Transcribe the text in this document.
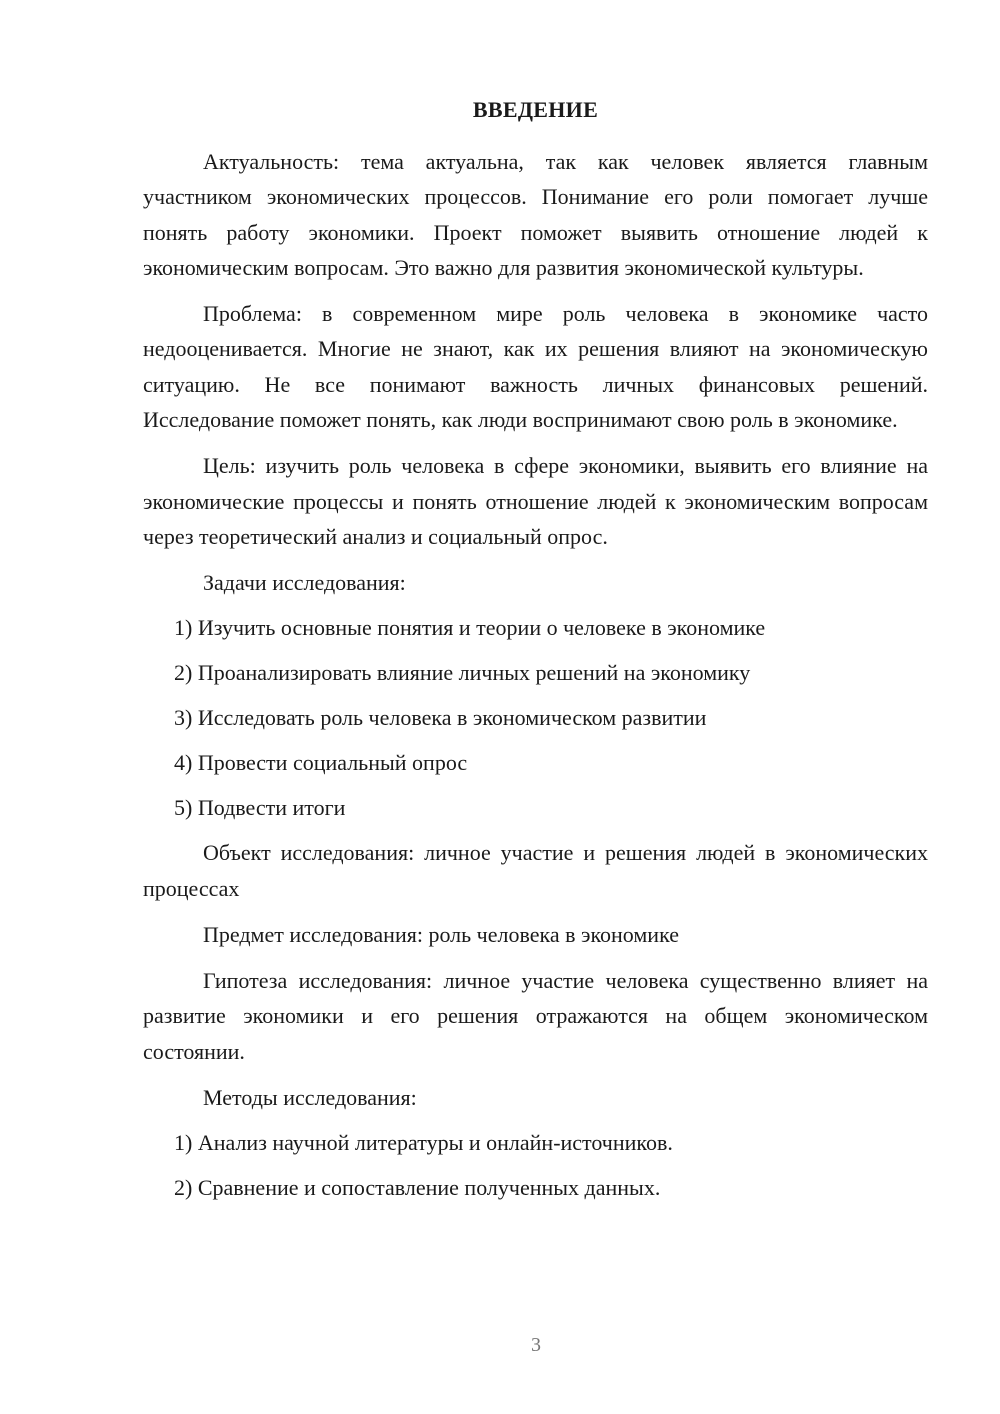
ВВЕДЕНИЕ

Актуальность: тема актуальна, так как человек является главным участником экономических процессов. Понимание его роли помогает лучше понять работу экономики. Проект поможет выявить отношение людей к экономическим вопросам. Это важно для развития экономической культуры.

Проблема: в современном мире роль человека в экономике часто недооценивается. Многие не знают, как их решения влияют на экономическую ситуацию. Не все понимают важность личных финансовых решений. Исследование поможет понять, как люди воспринимают свою роль в экономике.

Цель: изучить роль человека в сфере экономики, выявить его влияние на экономические процессы и понять отношение людей к экономическим вопросам через теоретический анализ и социальный опрос.

Задачи исследования:

1) Изучить основные понятия и теории о человеке в экономике

2) Проанализировать влияние личных решений на экономику

3) Исследовать роль человека в экономическом развитии

4) Провести социальный опрос

5) Подвести итоги

Объект исследования: личное участие и решения людей в экономических процессах

Предмет исследования: роль человека в экономике

Гипотеза исследования: личное участие человека существенно влияет на развитие экономики и его решения отражаются на общем экономическом состоянии.

Методы исследования:

1) Анализ научной литературы и онлайн-источников.

2) Сравнение и сопоставление полученных данных.

3
